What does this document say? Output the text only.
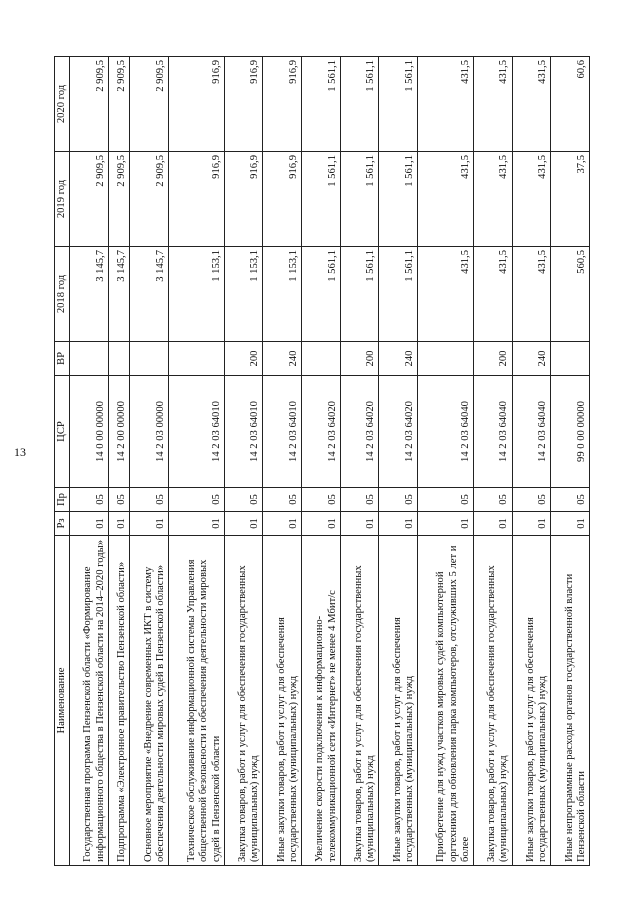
13
Наименование	Рз	Пр	ЦСР	ВР	2018 год	2019 год	2020 год
Государственная программа Пензенской области «Формирование информационного общества в Пензенской области на 2014–2020 годы»	01	05	14 0 00 00000		3 145,7	2 909,5	2 909,5
Подпрограмма «Электронное правительство Пензенской области»	01	05	14 2 00 00000		3 145,7	2 909,5	2 909,5
Основное мероприятие «Внедрение современных ИКТ в систему обеспечения деятельности мировых судей в Пензенской области»	01	05	14 2 03 00000		3 145,7	2 909,5	2 909,5
Техническое обслуживание информационной системы Управления общественной безопасности и обеспечения деятельности мировых судей в Пензенской области	01	05	14 2 03 64010		1 153,1	916,9	916,9
Закупка товаров, работ и услуг для обеспечения государственных (муниципальных) нужд	01	05	14 2 03 64010	200	1 153,1	916,9	916,9
Иные закупки товаров, работ и услуг для обеспечения государственных (муниципальных) нужд	01	05	14 2 03 64010	240	1 153,1	916,9	916,9
Увеличение скорости подключения к информационно-телекоммуникационной сети «Интернет» не менее 4 Мбит/с	01	05	14 2 03 64020		1 561,1	1 561,1	1 561,1
Закупка товаров, работ и услуг для обеспечения государственных (муниципальных) нужд	01	05	14 2 03 64020	200	1 561,1	1 561,1	1 561,1
Иные закупки товаров, работ и услуг для обеспечения государственных (муниципальных) нужд	01	05	14 2 03 64020	240	1 561,1	1 561,1	1 561,1
Приобретение для нужд участков мировых судей компьютерной оргтехники для обновления парка компьютеров, отслуживших 5 лет и более	01	05	14 2 03 64040		431,5	431,5	431,5
Закупка товаров, работ и услуг для обеспечения государственных (муниципальных) нужд	01	05	14 2 03 64040	200	431,5	431,5	431,5
Иные закупки товаров, работ и услуг для обеспечения государственных (муниципальных) нужд	01	05	14 2 03 64040	240	431,5	431,5	431,5
Иные непрограммные расходы органов государственной власти Пензенской области	01	05	99 0 00 00000		560,5	37,5	60,6
